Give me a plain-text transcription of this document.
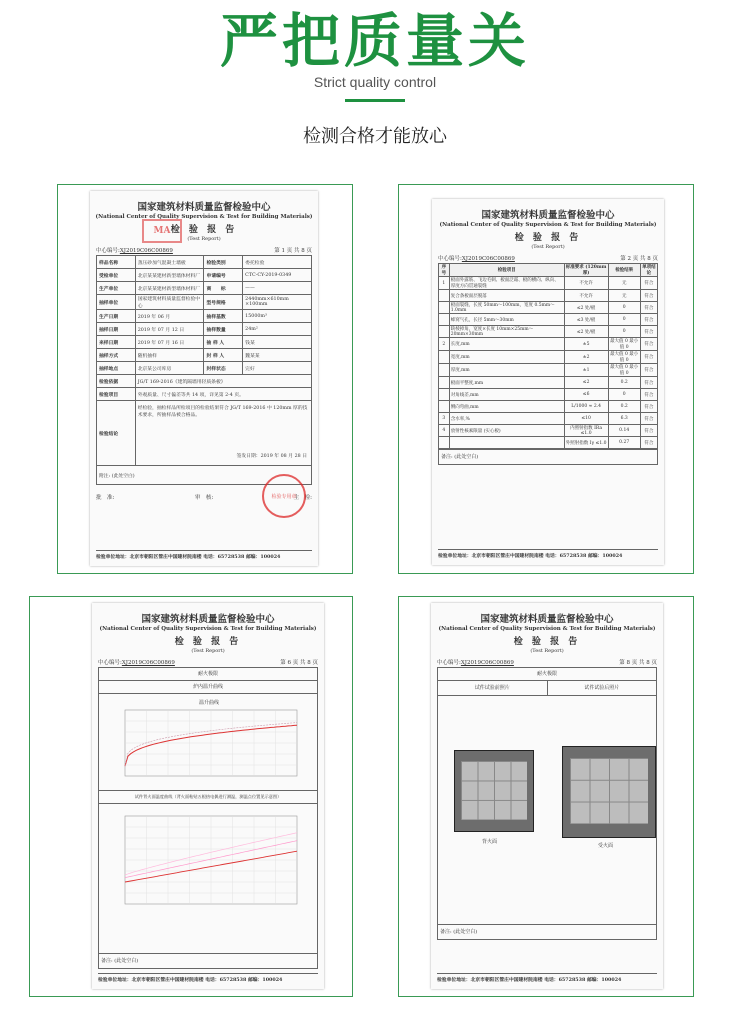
严把质量关
Strict quality control
检测合格才能放心
MA
国家建筑材料质量监督检验中心
(National Center of Quality Supervision & Test for Building Materials)
检 验 报 告
(Test Report)
中心编号:XJ2019C06C00869	第 1 页 共 8 页
样品名称	蒸压砂加气混凝土墙板	检验类别	委托检验
受检单位	北京某某建材新型墙体材料厂	申请编号	CTC-CY-2019-0349
生产单位	北京某某建材新型墙体材料厂	商　　标	——
抽样单位	国家建筑材料质量监督检验中心	型号规格	2440mm×610mm ×100mm
生产日期	2019 年 06 月	抽样基数	15000m³
抽样日期	2019 年 07 月 12 日	抽样数量	24m²
来样日期	2019 年 07 月 16 日	抽 样 人	钱某
抽样方式	随机抽样	封 样 人	魏某某
抽样地点	北京某公司库房	封样状态	完好
检验依据	JG/T 169-2016《建筑隔墙用轻质条板》		
检验项目	外观质量、尺寸偏差等共 14 项，详见第 2-4 页。		
检验结论	经检验，抽检样品所检项目的检验结果符合 JG/T 169-2016 中 120mm 厚的技术要求，所抽样品被合格品。
签发日期：2019 年 08 月 28 日		

附注: (此处空白)			
批　准:	审　核:	主　检:
检验专用章
检验单位地址：北京市朝阳区管庄中国建材院南楼 电话：65728538 邮编：100024
国家建筑材料质量监督检验中心
(National Center of Quality Supervision & Test for Building Materials)
检 验 报 告
(Test Report)
中心编号:XJ2019C06C00869	第 2 页 共 8 页
序号	检验项目	标准要求 (120mm 厚)	检验结果	单项结论
1	板面外露筋、飞边毛刺、板面泛霜、板的横向、纵向、厚度方向贯通裂缝	不允许	无	符合
	复合条板面层脱落	不允许	无	符合
	板面裂缝，长度 50mm～100mm，宽度 0.5mm～1.0mm	≤2 处/板	0	符合
	蜂窝气孔，长径 5mm～30mm	≤3 处/板	0	符合
	缺棱掉角，宽度×长度 10mm×25mm～20mm×30mm	≤2 处/板	0	符合
2	长度,mm	±5	最大值 0 最小值 0	符合
	宽度,mm	±2	最大值 0 最小值 0	符合
	厚度,mm	±1	最大值 0 最小值 0	符合
	板面平整度,mm	≤2	0.2	符合
	对角线差,mm	≤6	0	符合
	侧向弯曲,mm	L/1000 ≈ 2.4	0.2	符合
3	含水率,%	≤10	6.3	符合
4	放射性核素限量 (实心板)	内照射指数 IRa ≤1.0	0.14	符合
		外照射指数 Iγ ≤1.0	0.27	符合
备注: (此处空白)
检验单位地址：北京市朝阳区管庄中国建材院南楼 电话：65728538 邮编：100024
国家建筑材料质量监督检验中心
(National Center of Quality Supervision & Test for Building Materials)
检 验 报 告
(Test Report)
中心编号:XJ2019C06C00869	第 6 页 共 8 页
耐火极限
炉内温升曲线
温升曲线
试件背火面温度曲线（背火面粘贴五根热电偶进行测温，测温点位置见示意图）
备注: (此处空白)
检验单位地址：北京市朝阳区管庄中国建材院南楼 电话：65728538 邮编：100024
国家建筑材料质量监督检验中心
(National Center of Quality Supervision & Test for Building Materials)
检 验 报 告
(Test Report)
中心编号:XJ2019C06C00869	第 8 页 共 8 页
耐火极限
试件试验前照片	试件试验后照片
背火面
受火面
备注: (此处空白)
检验单位地址：北京市朝阳区管庄中国建材院南楼 电话：65728538 邮编：100024
